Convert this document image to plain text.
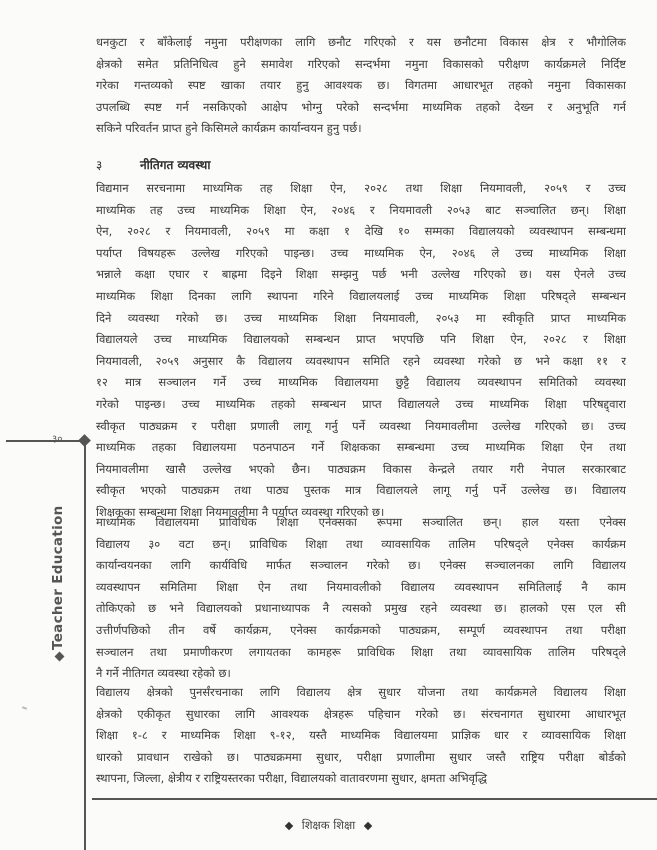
३०
Teacher Education
धनकुटा र बाँकेलाई नमुना परीक्षणका लागि छनौट गरिएको र यस छनौटमा विकास क्षेत्र र भौगोलिक
क्षेत्रको समेत प्रतिनिधित्व हुने समावेश गरिएको सन्दर्भमा नमुना विकासको परीक्षण कार्यक्रमले निर्दिष्ट
गरेका गन्तव्यको स्पष्ट खाका तयार हुनु आवश्यक छ। विगतमा आधारभूत तहको नमुना विकासका
उपलब्धि स्पष्ट गर्न नसकिएको आक्षेप भोग्नु परेको सन्दर्भमा माध्यमिक तहको देख्न र अनुभूति गर्न
सकिने परिवर्तन प्राप्त हुने किसिमले कार्यक्रम कार्यान्वयन हुनु पर्छ।
३	नीतिगत व्यवस्था
विद्यमान सरचनामा माध्यमिक तह शिक्षा ऐन, २०२८ तथा शिक्षा नियमावली, २०५९ र उच्च
माध्यमिक तह उच्च माध्यमिक शिक्षा ऐन, २०४६ र नियमावली २०५३ बाट सञ्चालित छन्। शिक्षा
ऐन, २०२८ र नियमावली, २०५९ मा कक्षा १ देखि १० सम्मका विद्यालयको व्यवस्थापन सम्बन्धमा
पर्याप्त विषयहरू उल्लेख गरिएको पाइन्छ। उच्च माध्यमिक ऐन, २०४६ ले उच्च माध्यमिक शिक्षा
भन्नाले कक्षा एघार र बाह्रमा दिइने शिक्षा सम्झनु पर्छ भनी उल्लेख गरिएको छ। यस ऐनले उच्च
माध्यमिक शिक्षा दिनका लागि स्थापना गरिने विद्यालयलाई उच्च माध्यमिक शिक्षा परिषद्ले सम्बन्धन
दिने व्यवस्था गरेको छ। उच्च माध्यमिक शिक्षा नियमावली, २०५३ मा स्वीकृति प्राप्त माध्यमिक
विद्यालयले उच्च माध्यमिक विद्यालयको सम्बन्धन प्राप्त भएपछि पनि शिक्षा ऐन, २०२८ र शिक्षा
नियमावली, २०५९ अनुसार कै विद्यालय व्यवस्थापन समिति रहने व्यवस्था गरेको छ भने कक्षा ११ र
१२ मात्र सञ्चालन गर्ने उच्च माध्यमिक विद्यालयमा छुट्टै विद्यालय व्यवस्थापन समितिको व्यवस्था
गरेको पाइन्छ। उच्च माध्यमिक तहको सम्बन्धन प्राप्त विद्यालयले उच्च माध्यमिक शिक्षा परिषद्द्वारा
स्वीकृत पाठ्यक्रम र परीक्षा प्रणाली लागू गर्नु पर्ने व्यवस्था नियमावलीमा उल्लेख गरिएको छ। उच्च
माध्यमिक तहका विद्यालयमा पठनपाठन गर्ने शिक्षकका सम्बन्धमा उच्च माध्यमिक शिक्षा ऐन तथा
नियमावलीमा खासै उल्लेख भएको छैन। पाठ्यक्रम विकास केन्द्रले तयार गरी नेपाल सरकारबाट
स्वीकृत भएको पाठ्यक्रम तथा पाठ्य पुस्तक मात्र विद्यालयले लागू गर्नु पर्ने उल्लेख छ। विद्यालय
शिक्षकका सम्बन्धमा शिक्षा नियमावलीमा नै पर्याप्त व्यवस्था गरिएको छ।
माध्यमिक विद्यालयमा प्राविधिक शिक्षा एनेक्सका रूपमा सञ्चालित छन्। हाल यस्ता एनेक्स
विद्यालय ३० वटा छन्। प्राविधिक शिक्षा तथा व्यावसायिक तालिम परिषद्ले एनेक्स कार्यक्रम
कार्यान्वयनका लागि कार्यविधि मार्फत सञ्चालन गरेको छ। एनेक्स सञ्चालनका लागि विद्यालय
व्यवस्थापन समितिमा शिक्षा ऐन तथा नियमावलीको विद्यालय व्यवस्थापन समितिलाई नै काम
तोकिएको छ भने विद्यालयको प्रधानाध्यापक नै त्यसको प्रमुख रहने व्यवस्था छ। हालको एस एल सी
उत्तीर्णपछिको तीन वर्षे कार्यक्रम, एनेक्स कार्यक्रमको पाठ्यक्रम, सम्पूर्ण व्यवस्थापन तथा परीक्षा
सञ्चालन तथा प्रमाणीकरण लगायतका कामहरू प्राविधिक शिक्षा तथा व्यावसायिक तालिम परिषद्ले
नै गर्ने नीतिगत व्यवस्था रहेको छ।
विद्यालय क्षेत्रको पुनर्संरचनाका लागि विद्यालय क्षेत्र सुधार योजना तथा कार्यक्रमले विद्यालय शिक्षा
क्षेत्रको एकीकृत सुधारका लागि आवश्यक क्षेत्रहरू पहिचान गरेको छ। संरचनागत सुधारमा आधारभूत
शिक्षा १-८ र माध्यमिक शिक्षा ९-१२, यस्तै माध्यमिक विद्यालयमा प्राज्ञिक धार र व्यावसायिक शिक्षा
धारको प्रावधान राखेको छ। पाठ्यक्रममा सुधार, परीक्षा प्रणालीमा सुधार जस्तै राष्ट्रिय परीक्षा बोर्डको
स्थापना, जिल्ला, क्षेत्रीय र राष्ट्रियस्तरका परीक्षा, विद्यालयको वातावरणमा सुधार, क्षमता अभिवृद्धि
शिक्षक शिक्षा
